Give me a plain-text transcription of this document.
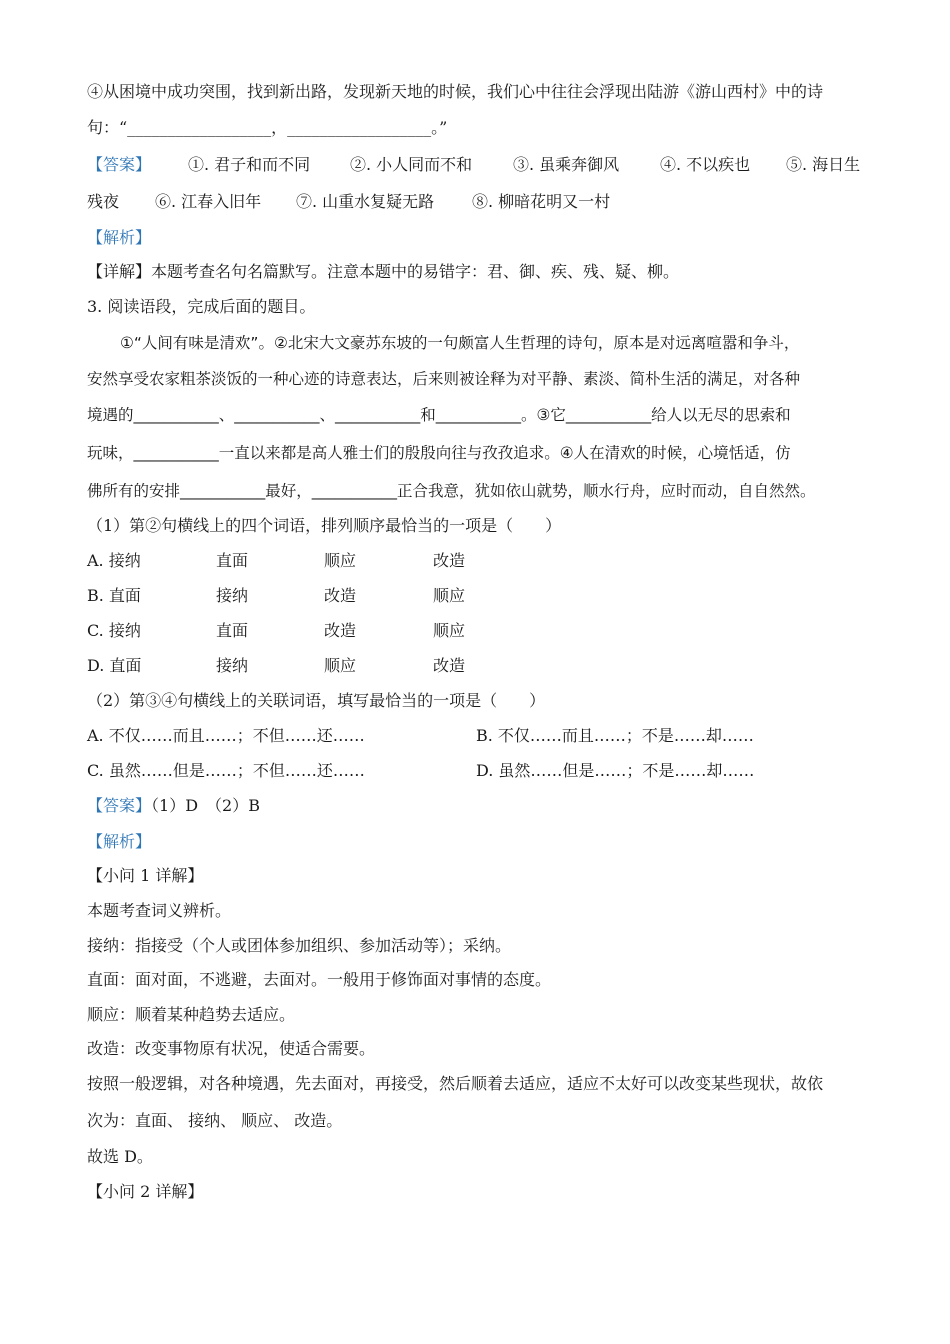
④从困境中成功突围，找到新出路，发现新天地的时候，我们心中往往会浮现出陆游《游山西村》中的诗
句：“__________________，__________________。”
【答案】 ①. 君子和而不同 ②. 小人同而不和	③. 虽乘奔御风	④. 不以疾也 ⑤. 海日生
残夜 ⑥. 江春入旧年 ⑦. 山重水复疑无路 ⑧. 柳暗花明又一村
【解析】
【详解】本题考查名句名篇默写。注意本题中的易错字：君、御、疾、残、疑、柳。
3. 阅读语段，完成后面的题目。
①“人间有味是清欢”。②北宋大文豪苏东坡的一句颇富人生哲理的诗句，原本是对远离喧嚣和争斗，
安然享受农家粗茶淡饭的一种心迹的诗意表达，后来则被诠释为对平静、素淡、简朴生活的满足，对各种
境遇的___________、___________、___________和___________。③它___________给人以无尽的思索和
玩味，___________一直以来都是高人雅士们的殷殷向往与孜孜追求。④人在清欢的时候，心境恬适，仿
佛所有的安排___________最好，___________正合我意，犹如依山就势，顺水行舟，应时而动，自自然然。
（1）第②句横线上的四个词语，排列顺序最恰当的一项是（　　）
A. 接纳	直面	顺应	改造
B. 直面	接纳	改造	顺应
C. 接纳	直面	改造	顺应
D. 直面	接纳	顺应	改造
（2）第③④句横线上的关联词语，填写最恰当的一项是（　　）
A. 不仅……而且……；不但……还……	B. 不仅……而且……；不是……却……
C. 虽然……但是……；不但……还……	D. 虽然……但是……；不是……却……
【答案】（1）D　（2）B
【解析】
【小问 1 详解】
本题考查词义辨析。
接纳：指接受（个人或团体参加组织、参加活动等）；采纳。
直面：面对面，不逃避，去面对。一般用于修饰面对事情的态度。
顺应：顺着某种趋势去适应。
改造：改变事物原有状况，使适合需要。
按照一般逻辑，对各种境遇，先去面对，再接受，然后顺着去适应，适应不太好可以改变某些现状，故依
次为：直面、 接纳、 顺应、 改造。
故选 D。
【小问 2 详解】
